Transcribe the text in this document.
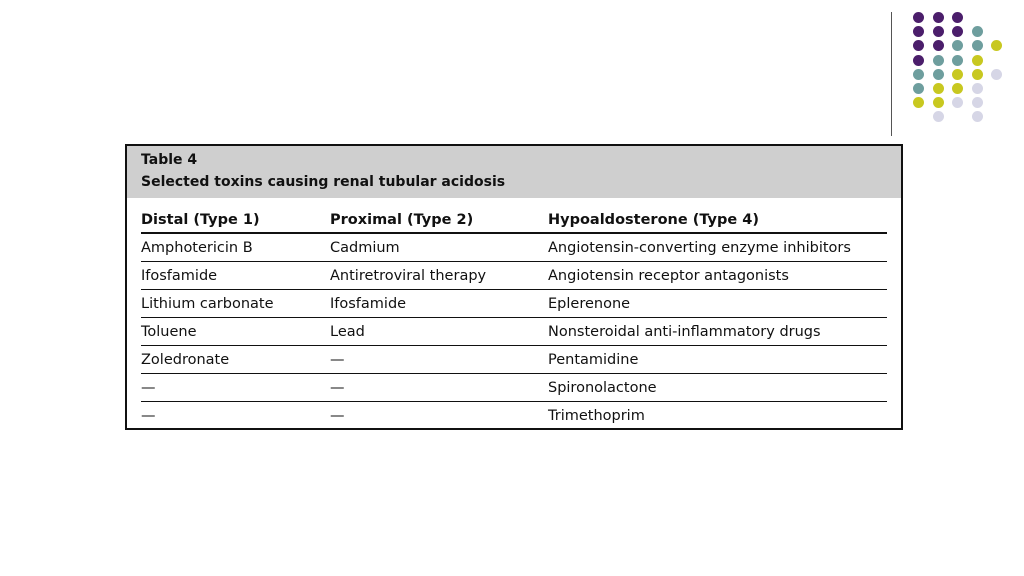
Table 4
Selected toxins causing renal tubular acidosis
Distal (Type 1)	Proximal (Type 2)	Hypoaldosterone (Type 4)
Amphotericin B	Cadmium	Angiotensin-converting enzyme inhibitors
Ifosfamide	Antiretroviral therapy	Angiotensin receptor antagonists
Lithium carbonate	Ifosfamide	Eplerenone
Toluene	Lead	Nonsteroidal anti-inflammatory drugs
Zoledronate	—	Pentamidine
—	—	Spironolactone
—	—	Trimethoprim
